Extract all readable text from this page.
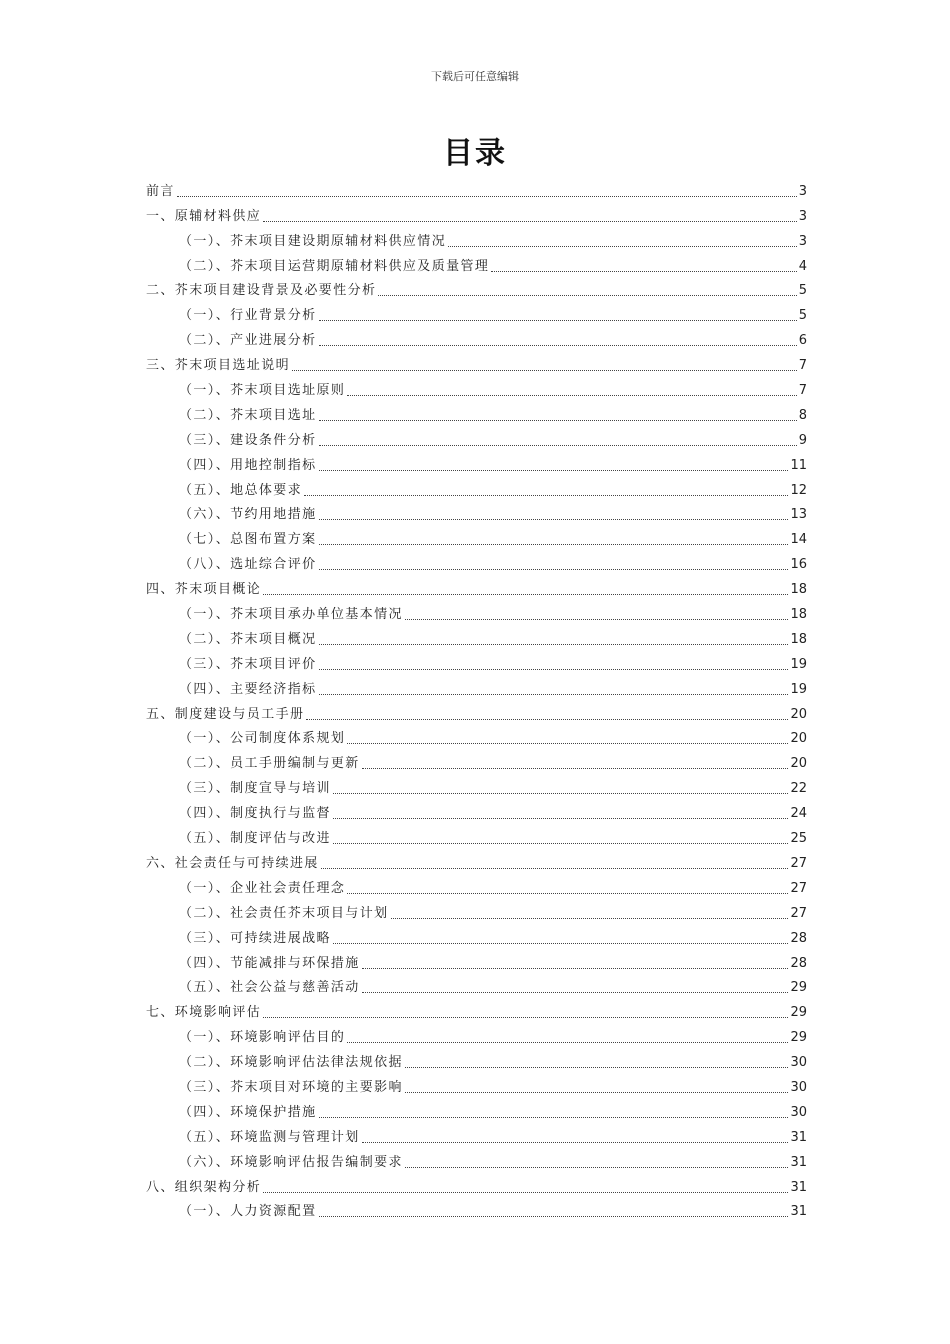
下载后可任意编辑
目录
前言	3
一、原辅材料供应	3
（一）、芥末项目建设期原辅材料供应情况	3
（二）、芥末项目运营期原辅材料供应及质量管理	4
二、芥末项目建设背景及必要性分析	5
（一）、行业背景分析	5
（二）、产业进展分析	6
三、芥末项目选址说明	7
（一）、芥末项目选址原则	7
（二）、芥末项目选址	8
（三）、建设条件分析	9
（四）、用地控制指标	11
（五）、地总体要求	12
（六）、节约用地措施	13
（七）、总图布置方案	14
（八）、选址综合评价	16
四、芥末项目概论	18
（一）、芥末项目承办单位基本情况	18
（二）、芥末项目概况	18
（三）、芥末项目评价	19
（四）、主要经济指标	19
五、制度建设与员工手册	20
（一）、公司制度体系规划	20
（二）、员工手册编制与更新	20
（三）、制度宣导与培训	22
（四）、制度执行与监督	24
（五）、制度评估与改进	25
六、社会责任与可持续进展	27
（一）、企业社会责任理念	27
（二）、社会责任芥末项目与计划	27
（三）、可持续进展战略	28
（四）、节能减排与环保措施	28
（五）、社会公益与慈善活动	29
七、环境影响评估	29
（一）、环境影响评估目的	29
（二）、环境影响评估法律法规依据	30
（三）、芥末项目对环境的主要影响	30
（四）、环境保护措施	30
（五）、环境监测与管理计划	31
（六）、环境影响评估报告编制要求	31
八、组织架构分析	31
（一）、人力资源配置	31
